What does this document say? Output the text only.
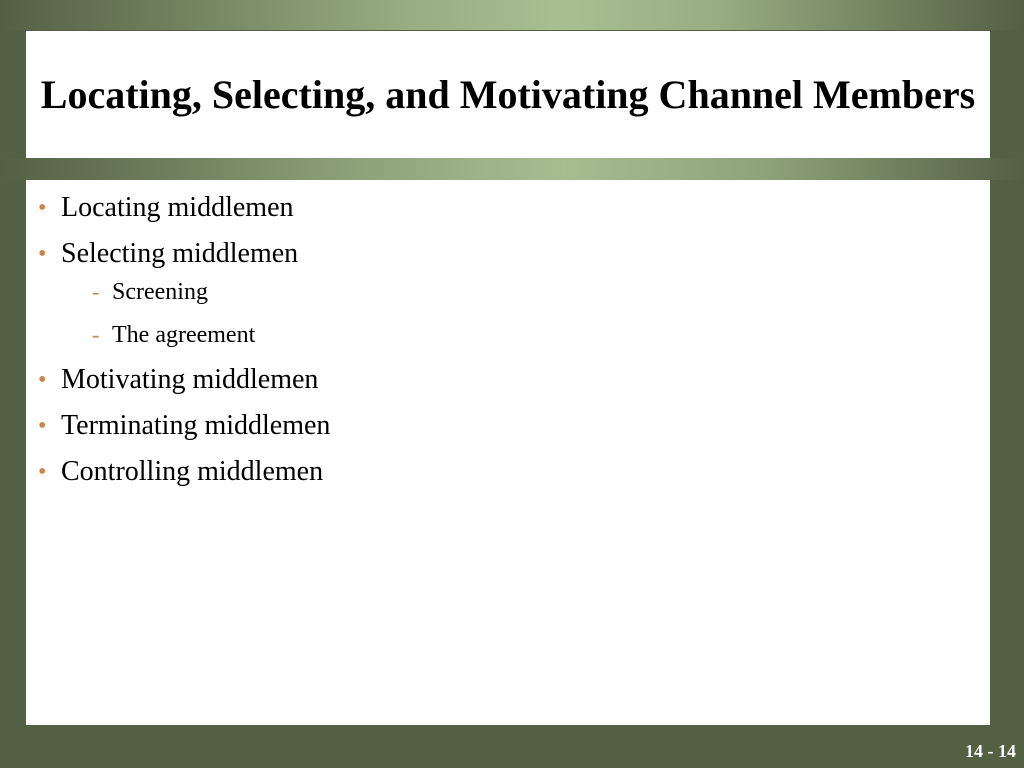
Locating, Selecting, and Motivating Channel Members
• Locating middlemen
• Selecting middlemen
- Screening
- The agreement
• Motivating middlemen
• Terminating middlemen
• Controlling middlemen
14 - 14
